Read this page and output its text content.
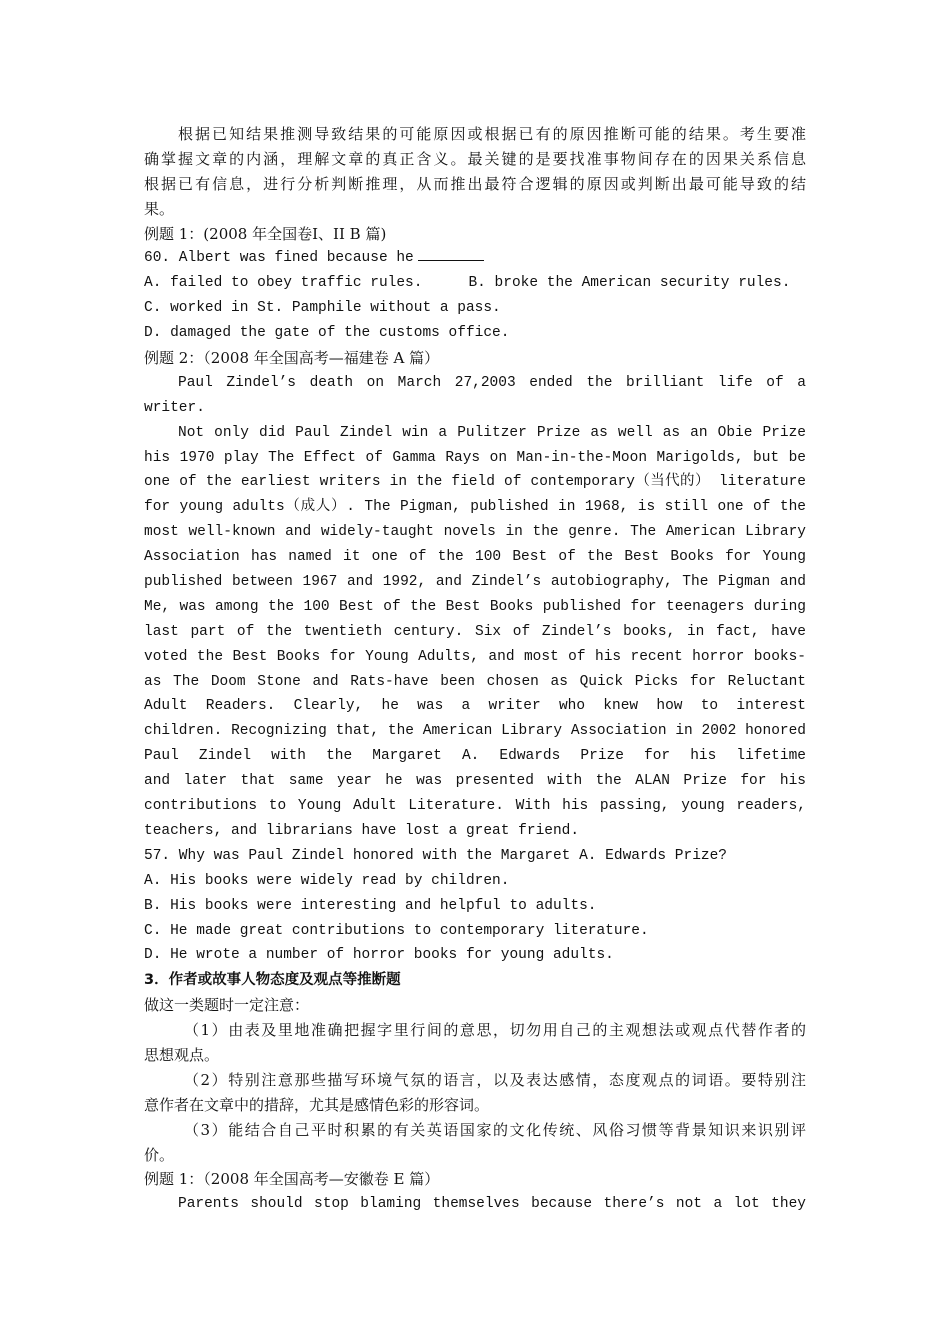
根据已知结果推测导致结果的可能原因或根据已有的原因推断可能的结果。考生要准
确掌握文章的内涵，理解文章的真正含义。最关键的是要找准事物间存在的因果关系信息
根据已有信息，进行分析判断推理，从而推出最符合逻辑的原因或判断出最可能导致的结
果。
例题 1：(2008 年全国卷Ⅰ、II B 篇)
60. Albert was fined because he
A. failed to obey traffic rules.	B. broke the American security rules.
C. worked in St. Pamphile without a pass.
D. damaged the gate of the customs office.
例题 2：（2008 年全国高考—福建卷 A 篇）
Paul Zindel’s death on March 27,2003 ended the brilliant life of a
writer.
Not only did Paul Zindel win a Pulitzer Prize as well as an Obie Prize
his 1970 play The Effect of Gamma Rays on Man-in-the-Moon Marigolds, but be
one of the earliest writers in the field of contemporary（当代的） literature
for young adults（成人）. The Pigman, published in 1968, is still one of the
most well-known and widely-taught novels in the genre. The American Library
Association has named it one of the 100 Best of the Best Books for Young
published between 1967 and 1992, and Zindel’s autobiography, The Pigman and
Me, was among the 100 Best of the Best Books published for teenagers during
last part of the twentieth century. Six of Zindel’s books, in fact, have
voted the Best Books for Young Adults, and most of his recent horror books-
as The Doom Stone and Rats-have been chosen as Quick Picks for Reluctant
Adult Readers. Clearly, he was a writer who knew how to interest
children. Recognizing that, the American Library Association in 2002 honored
Paul Zindel with the Margaret A. Edwards Prize for his lifetime
and later that same year he was presented with the ALAN Prize for his
contributions to Young Adult Literature. With his passing, young readers,
teachers, and librarians have lost a great friend.
57. Why was Paul Zindel honored with the Margaret A. Edwards Prize?
A. His books were widely read by children.
B. His books were interesting and helpful to adults.
C. He made great contributions to contemporary literature.
D. He wrote a number of horror books for young adults.
3．作者或故事人物态度及观点等推断题
做这一类题时一定注意：
（1）由表及里地准确把握字里行间的意思，切勿用自己的主观想法或观点代替作者的
思想观点。
（2）特别注意那些描写环境气氛的语言，以及表达感情，态度观点的词语。要特别注
意作者在文章中的措辞，尤其是感情色彩的形容词。
（3）能结合自己平时积累的有关英语国家的文化传统、风俗习惯等背景知识来识别评
价。
例题 1：（2008 年全国高考—安徽卷 E 篇）
Parents should stop blaming themselves because there’s not a lot they
